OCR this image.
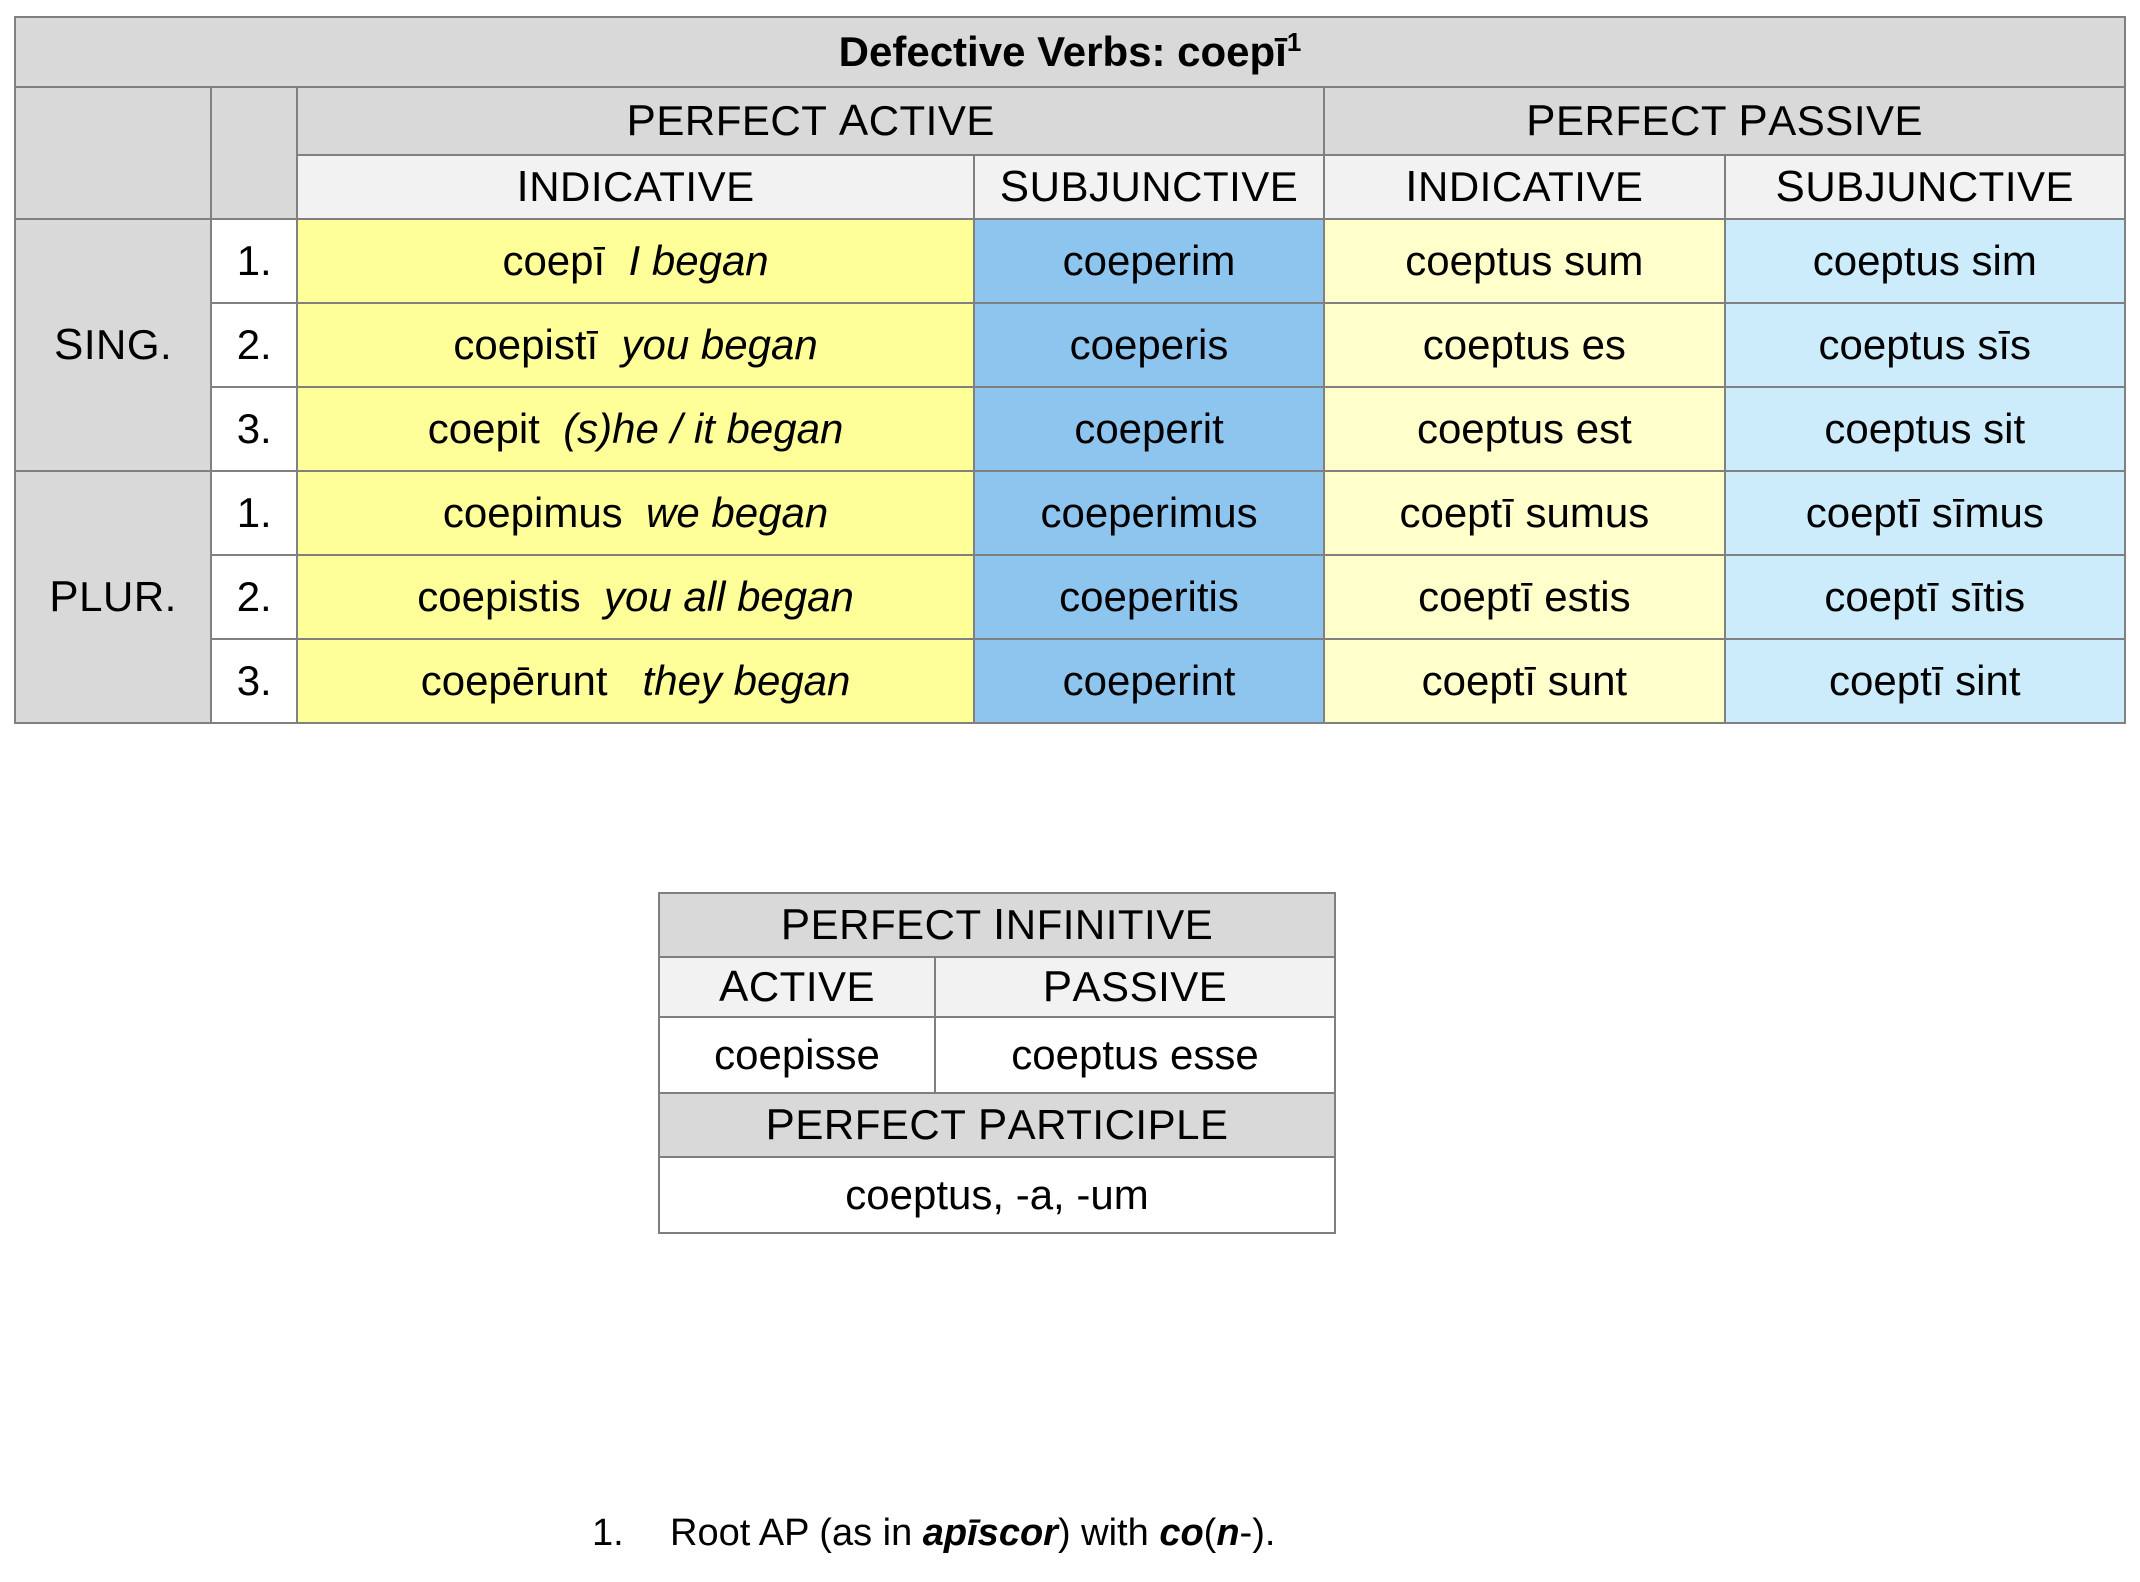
Defective Verbs: coepī$^1$
		PERFECT ACTIVE		PERFECT PASSIVE	
		INDICATIVE	SUBJUNCTIVE	INDICATIVE	SUBJUNCTIVE
SING.	1.	coepī I began	coeperim	coeptus sum	coeptus sim
	2.	coepistī you began	coeperis	coeptus es	coeptus sīs
	3.	coepit (s)he / it began	coeperit	coeptus est	coeptus sit
PLUR.	1.	coepimus we began	coeperimus	coeptī sumus	coeptī sīmus
	2.	coepistis you all began	coeperitis	coeptī estis	coeptī sītis
	3.	coepērunt they began	coeperint	coeptī sunt	coeptī sint
PERFECT INFINITIVE	
ACTIVE	PASSIVE
coepisse	coeptus esse
PERFECT PARTICIPLE	
coeptus, -a, -um	
1. Root AP (as in apīscor) with co(n-).
